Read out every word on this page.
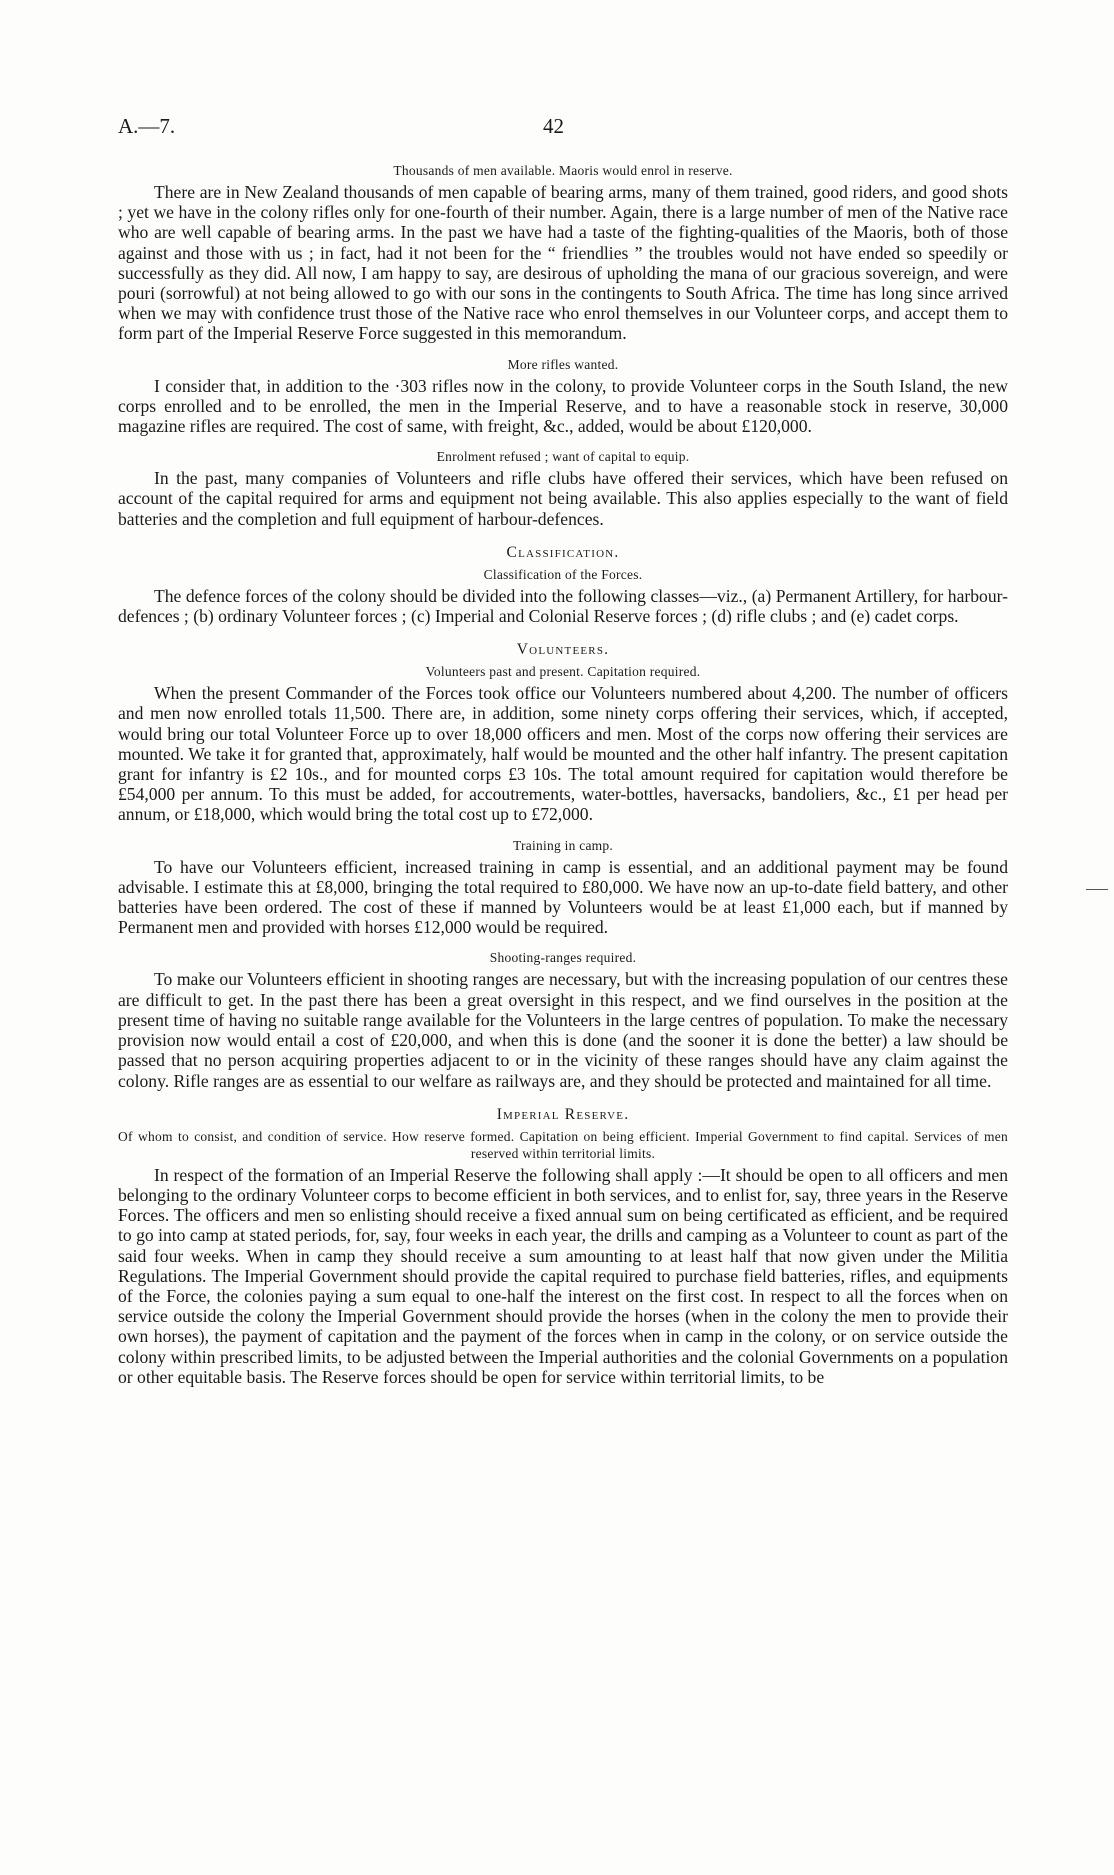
A.—7.	42
Thousands of men available. Maoris would enrol in reserve.

There are in New Zealand thousands of men capable of bearing arms, many of them trained, good riders, and good shots ; yet we have in the colony rifles only for one-fourth of their number. Again, there is a large number of men of the Native race who are well capable of bearing arms. In the past we have had a taste of the fighting-qualities of the Maoris, both of those against and those with us ; in fact, had it not been for the “ friendlies ” the troubles would not have ended so speedily or successfully as they did. All now, I am happy to say, are desirous of upholding the mana of our gracious sovereign, and were pouri (sorrowful) at not being allowed to go with our sons in the contingents to South Africa. The time has long since arrived when we may with confidence trust those of the Native race who enrol themselves in our Volunteer corps, and accept them to form part of the Imperial Reserve Force suggested in this memorandum.

More rifles wanted.

I consider that, in addition to the ·303 rifles now in the colony, to provide Volunteer corps in the South Island, the new corps enrolled and to be enrolled, the men in the Imperial Reserve, and to have a reasonable stock in reserve, 30,000 magazine rifles are required. The cost of same, with freight, &c., added, would be about £120,000.

Enrolment refused ; want of capital to equip.

In the past, many companies of Volunteers and rifle clubs have offered their services, which have been refused on account of the capital required for arms and equipment not being available. This also applies especially to the want of field batteries and the completion and full equipment of harbour-defences.

Classification.
Classification of the Forces.

The defence forces of the colony should be divided into the following classes—viz., (a) Permanent Artillery, for harbour-defences ; (b) ordinary Volunteer forces ; (c) Imperial and Colonial Reserve forces ; (d) rifle clubs ; and (e) cadet corps.

Volunteers.
Volunteers past and present. Capitation required.

When the present Commander of the Forces took office our Volunteers numbered about 4,200. The number of officers and men now enrolled totals 11,500. There are, in addition, some ninety corps offering their services, which, if accepted, would bring our total Volunteer Force up to over 18,000 officers and men. Most of the corps now offering their services are mounted. We take it for granted that, approximately, half would be mounted and the other half infantry. The present capitation grant for infantry is £2 10s., and for mounted corps £3 10s. The total amount required for capitation would therefore be £54,000 per annum. To this must be added, for accoutrements, water-bottles, haversacks, bandoliers, &c., £1 per head per annum, or £18,000, which would bring the total cost up to £72,000.

Training in camp.

To have our Volunteers efficient, increased training in camp is essential, and an additional payment may be found advisable. I estimate this at £8,000, bringing the total required to £80,000. We have now an up-to-date field battery, and other batteries have been ordered. The cost of these if manned by Volunteers would be at least £1,000 each, but if manned by Permanent men and provided with horses £12,000 would be required.

Shooting-ranges required.

To make our Volunteers efficient in shooting ranges are necessary, but with the increasing population of our centres these are difficult to get. In the past there has been a great oversight in this respect, and we find ourselves in the position at the present time of having no suitable range available for the Volunteers in the large centres of population. To make the necessary provision now would entail a cost of £20,000, and when this is done (and the sooner it is done the better) a law should be passed that no person acquiring properties adjacent to or in the vicinity of these ranges should have any claim against the colony. Rifle ranges are as essential to our welfare as railways are, and they should be protected and maintained for all time.

Imperial Reserve.
Of whom to consist, and condition of service. How reserve formed. Capitation on being efficient. Imperial Government to find capital. Services of men reserved within territorial limits.

In respect of the formation of an Imperial Reserve the following shall apply :—It should be open to all officers and men belonging to the ordinary Volunteer corps to become efficient in both services, and to enlist for, say, three years in the Reserve Forces. The officers and men so enlisting should receive a fixed annual sum on being certificated as efficient, and be required to go into camp at stated periods, for, say, four weeks in each year, the drills and camping as a Volunteer to count as part of the said four weeks. When in camp they should receive a sum amounting to at least half that now given under the Militia Regulations. The Imperial Government should provide the capital required to purchase field batteries, rifles, and equipments of the Force, the colonies paying a sum equal to one-half the interest on the first cost. In respect to all the forces when on service outside the colony the Imperial Government should provide the horses (when in the colony the men to provide their own horses), the payment of capitation and the payment of the forces when in camp in the colony, or on service outside the colony within prescribed limits, to be adjusted between the Imperial authorities and the colonial Governments on a population or other equitable basis. The Reserve forces should be open for service within territorial limits, to be
